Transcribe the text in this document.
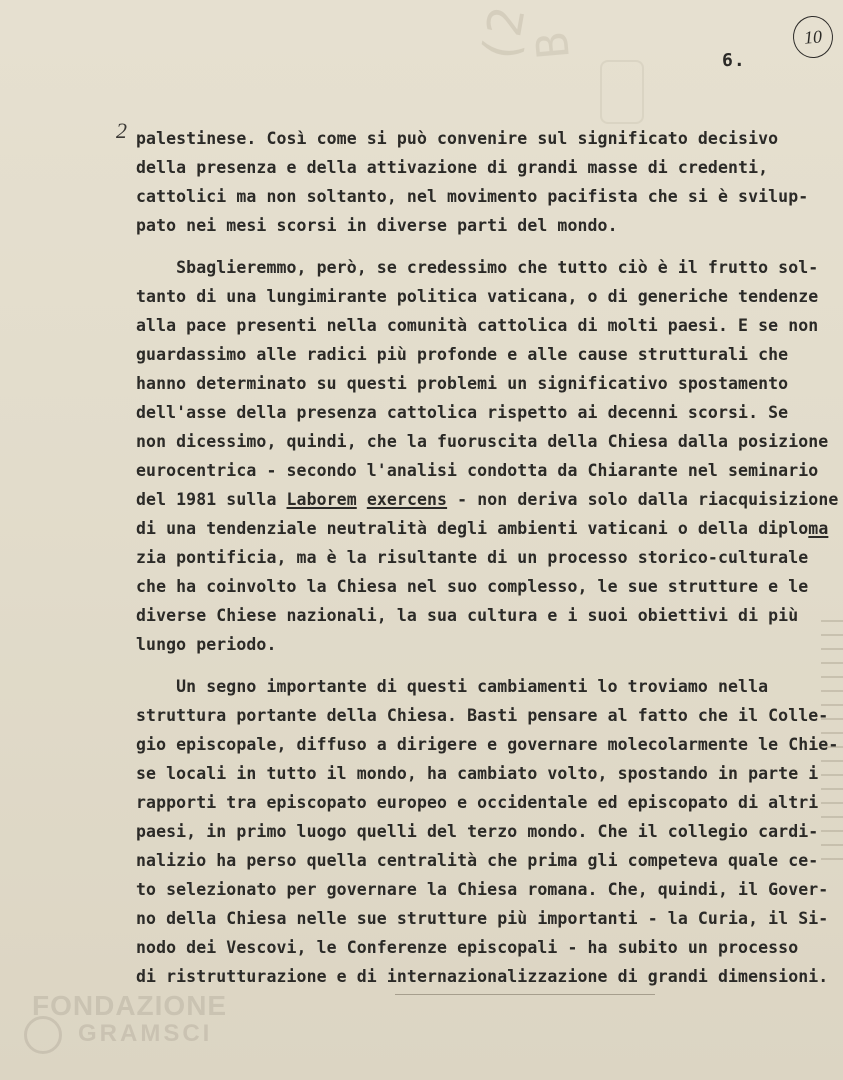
(2
B	6.
10
2 palestinese. Così come si può convenire sul significato decisivo
della presenza e della attivazione di grandi masse di credenti,
cattolici ma non soltanto, nel movimento pacifista che si è svilup-
pato nei mesi scorsi in diverse parti del mondo.
Sbaglieremmo, però, se credessimo che tutto ciò è il frutto sol-
tanto di una lungimirante politica vaticana, o di generiche tendenze
alla pace presenti nella comunità cattolica di molti paesi. E se non
guardassimo alle radici più profonde e alle cause strutturali che
hanno determinato su questi problemi un significativo spostamento
dell'asse della presenza cattolica rispetto ai decenni scorsi. Se
non dicessimo, quindi, che la fuoruscita della Chiesa dalla posizione
eurocentrica - secondo l'analisi condotta da Chiarante nel seminario
del 1981 sulla Laborem exercens - non deriva solo dalla riacquisizione
di una tendenziale neutralità degli ambienti vaticani o della diploma
zia pontificia, ma è la risultante di un processo storico-culturale
che ha coinvolto la Chiesa nel suo complesso, le sue strutture e le
diverse Chiese nazionali, la sua cultura e i suoi obiettivi di più
lungo periodo.
Un segno importante di questi cambiamenti lo troviamo nella
struttura portante della Chiesa. Basti pensare al fatto che il Colle-
gio episcopale, diffuso a dirigere e governare molecolarmente le Chie-
se locali in tutto il mondo, ha cambiato volto, spostando in parte i
rapporti tra episcopato europeo e occidentale ed episcopato di altri
paesi, in primo luogo quelli del terzo mondo. Che il collegio cardi-
nalizio ha perso quella centralità che prima gli competeva quale ce-
to selezionato per governare la Chiesa romana. Che, quindi, il Gover-
no della Chiesa nelle sue strutture più importanti - la Curia, il Si-
nodo dei Vescovi, le Conferenze episcopali - ha subito un processo
di ristrutturazione e di internazionalizzazione di grandi dimensioni.
FONDAZIONE
GRAMSCI
